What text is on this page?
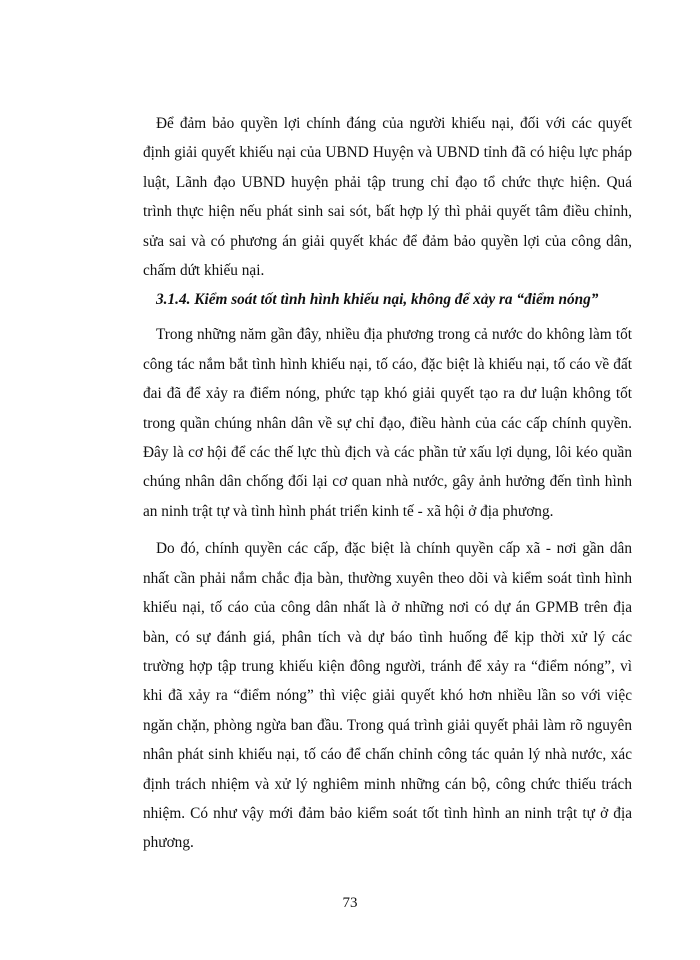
Để đảm bảo quyền lợi chính đáng của người khiếu nại, đối với các quyết định giải quyết khiếu nại của UBND Huyện và UBND tỉnh đã có hiệu lực pháp luật, Lãnh đạo UBND huyện phải tập trung chỉ đạo tổ chức thực hiện. Quá trình thực hiện nếu phát sinh sai sót, bất hợp lý thì phải quyết tâm điều chỉnh, sửa sai và có phương án giải quyết khác để đảm bảo quyền lợi của công dân, chấm dứt khiếu nại.

3.1.4. Kiểm soát tốt tình hình khiếu nại, không để xảy ra “điểm nóng”

Trong những năm gần đây, nhiều địa phương trong cả nước do không làm tốt công tác nắm bắt tình hình khiếu nại, tố cáo, đặc biệt là khiếu nại, tố cáo về đất đai đã để xảy ra điểm nóng, phức tạp khó giải quyết tạo ra dư luận không tốt trong quần chúng nhân dân về sự chỉ đạo, điều hành của các cấp chính quyền. Đây là cơ hội để các thế lực thù địch và các phần tử xấu lợi dụng, lôi kéo quần chúng nhân dân chống đối lại cơ quan nhà nước, gây ảnh hưởng đến tình hình an ninh trật tự và tình hình phát triển kinh tế - xã hội ở địa phương.

Do đó, chính quyền các cấp, đặc biệt là chính quyền cấp xã - nơi gần dân nhất cần phải nắm chắc địa bàn, thường xuyên theo dõi và kiểm soát tình hình khiếu nại, tố cáo của công dân nhất là ở những nơi có dự án GPMB trên địa bàn, có sự đánh giá, phân tích và dự báo tình huống để kịp thời xử lý các trường hợp tập trung khiếu kiện đông người, tránh để xảy ra “điểm nóng”, vì khi đã xảy ra “điểm nóng” thì việc giải quyết khó hơn nhiều lần so với việc ngăn chặn, phòng ngừa ban đầu. Trong quá trình giải quyết phải làm rõ nguyên nhân phát sinh khiếu nại, tố cáo để chấn chỉnh công tác quản lý nhà nước, xác định trách nhiệm và xử lý nghiêm minh những cán bộ, công chức thiếu trách nhiệm. Có như vậy mới đảm bảo kiểm soát tốt tình hình an ninh trật tự ở địa phương.

73
